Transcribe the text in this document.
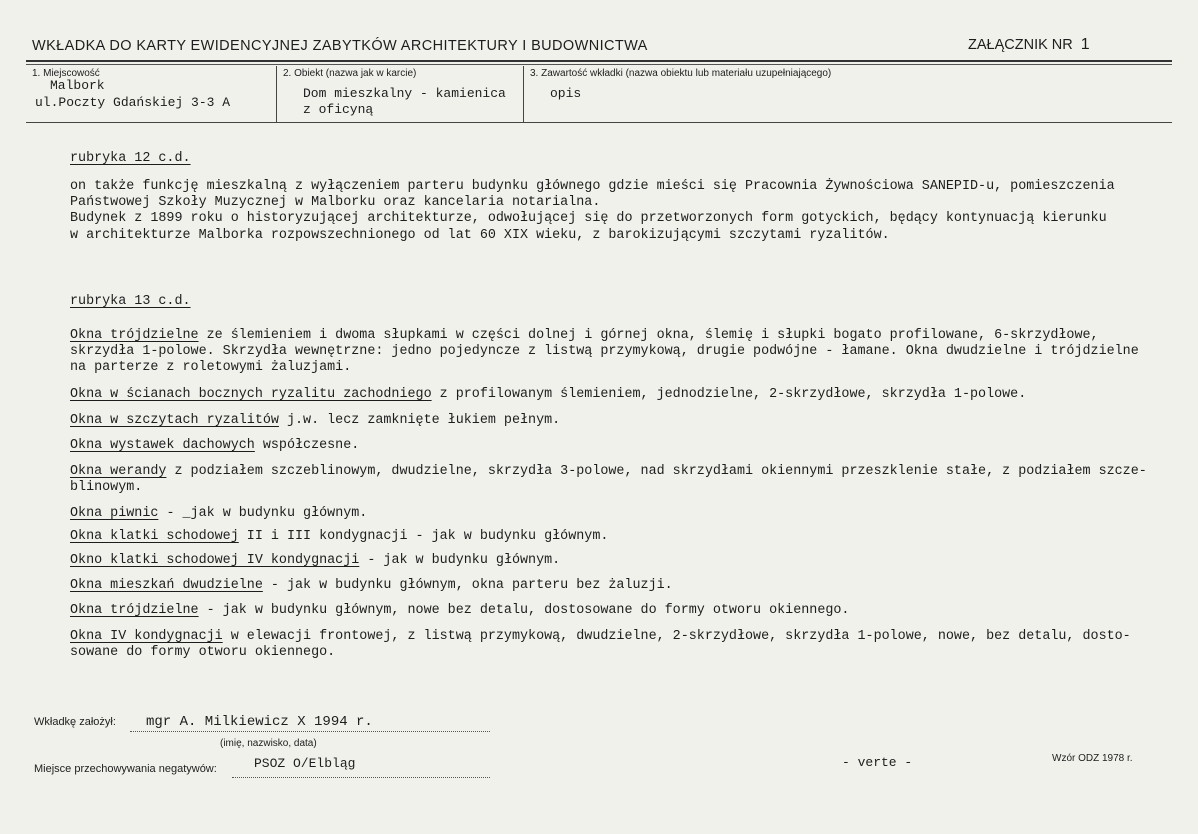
WKŁADKA DO KARTY EWIDENCYJNEJ ZABYTKÓW ARCHITEKTURY I BUDOWNICTWA	ZAŁĄCZNIK NR 1
1. Miejscowość
Malbork
ul.Poczty Gdańskiej 3-3 A
2. Obiekt (nazwa jak w karcie)
Dom mieszkalny - kamienica
z oficyną
3. Zawartość wkładki (nazwa obiektu lub materiału uzupełniającego)
opis
rubryka 12 c.d.
on także funkcję mieszkalną z wyłączeniem parteru budynku głównego gdzie mieści się Pracownia Żywnościowa SANEPID-u, pomieszczenia
Państwowej Szkoły Muzycznej w Malborku oraz kancelaria notarialna.
Budynek z 1899 roku o historyzującej architekturze, odwołującej się do przetworzonych form gotyckich, będący kontynuacją kierunku
w architekturze Malborka rozpowszechnionego od lat 60 XIX wieku, z barokizującymi szczytami ryzalitów.
rubryka 13 c.d.
Okna trójdzielne ze ślemieniem i dwoma słupkami w części dolnej i górnej okna, ślemię i słupki bogato profilowane, 6-skrzydłowe,
skrzydła 1-polowe. Skrzydła wewnętrzne: jedno pojedyncze z listwą przymykową, drugie podwójne - łamane. Okna dwudzielne i trójdzielne
na parterze z roletowymi żaluzjami.
Okna w ścianach bocznych ryzalitu zachodniego z profilowanym ślemieniem, jednodzielne, 2-skrzydłowe, skrzydła 1-polowe.
Okna w szczytach ryzalitów j.w. lecz zamknięte łukiem pełnym.
Okna wystawek dachowych współczesne.
Okna werandy z podziałem szczeblinowym, dwudzielne, skrzydła 3-polowe, nad skrzydłami okiennymi przeszklenie stałe, z podziałem szcze-
blinowym.
Okna piwnic - _jak w budynku głównym.
Okna klatki schodowej II i III kondygnacji - jak w budynku głównym.
Okno klatki schodowej IV kondygnacji - jak w budynku głównym.
Okna mieszkań dwudzielne - jak w budynku głównym, okna parteru bez żaluzji.
Okna trójdzielne - jak w budynku głównym, nowe bez detalu, dostosowane do formy otworu okiennego.
Okna IV kondygnacji w elewacji frontowej, z listwą przymykową, dwudzielne, 2-skrzydłowe, skrzydła 1-polowe, nowe, bez detalu, dosto-
sowane do formy otworu okiennego.
Wkładkę założył: mgr A. Milkiewicz X 1994 r.
(imię, nazwisko, data)
Miejsce przechowywania negatywów:	PSOZ O/Elbląg	- verte -	Wzór ODZ 1978 r.
